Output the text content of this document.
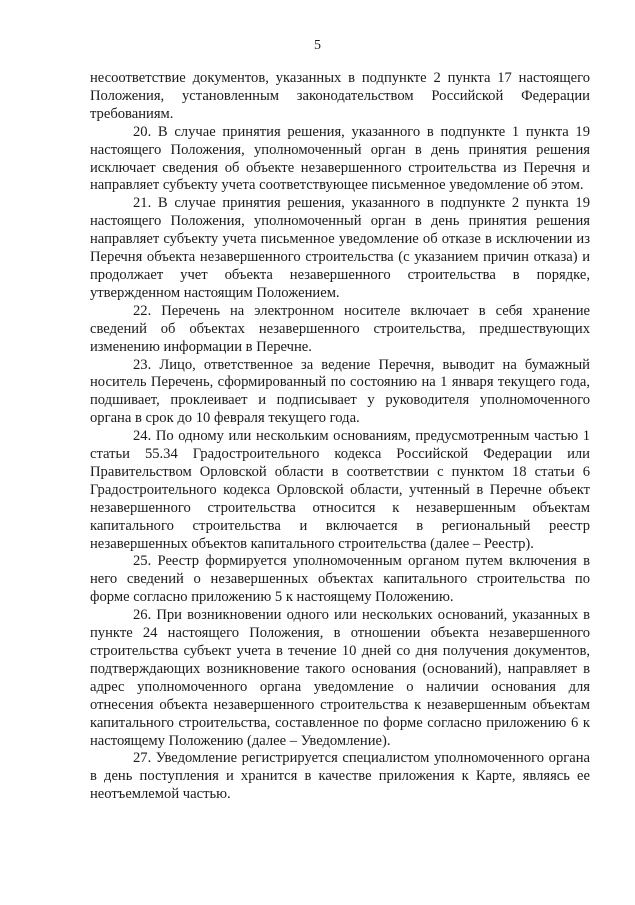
5

несоответствие документов, указанных в подпункте 2 пункта 17 настоящего Положения, установленным законодательством Российской Федерации требованиям.

20. В случае принятия решения, указанного в подпункте 1 пункта 19 настоящего Положения, уполномоченный орган в день принятия решения исключает сведения об объекте незавершенного строительства из Перечня и направляет субъекту учета соответствующее письменное уведомление об этом.

21. В случае принятия решения, указанного в подпункте 2 пункта 19 настоящего Положения, уполномоченный орган в день принятия решения направляет субъекту учета письменное уведомление об отказе в исключении из Перечня объекта незавершенного строительства (с указанием причин отказа) и продолжает учет объекта незавершенного строительства в порядке, утвержденном настоящим Положением.

22. Перечень на электронном носителе включает в себя хранение сведений об объектах незавершенного строительства, предшествующих изменению информации в Перечне.

23. Лицо, ответственное за ведение Перечня, выводит на бумажный носитель Перечень, сформированный по состоянию на 1 января текущего года, подшивает, проклеивает и подписывает у руководителя уполномоченного органа в срок до 10 февраля текущего года.

24. По одному или нескольким основаниям, предусмотренным частью 1 статьи 55.34 Градостроительного кодекса Российской Федерации или Правительством Орловской области в соответствии с пунктом 18 статьи 6 Градостроительного кодекса Орловской области, учтенный в Перечне объект незавершенного строительства относится к незавершенным объектам капитального строительства и включается в региональный реестр незавершенных объектов капитального строительства (далее – Реестр).

25. Реестр формируется уполномоченным органом путем включения в него сведений о незавершенных объектах капитального строительства по форме согласно приложению 5 к настоящему Положению.

26. При возникновении одного или нескольких оснований, указанных в пункте 24 настоящего Положения, в отношении объекта незавершенного строительства субъект учета в течение 10 дней со дня получения документов, подтверждающих возникновение такого основания (оснований), направляет в адрес уполномоченного органа уведомление о наличии основания для отнесения объекта незавершенного строительства к незавершенным объектам капитального строительства, составленное по форме согласно приложению 6 к настоящему Положению (далее – Уведомление).

27. Уведомление регистрируется специалистом уполномоченного органа в день поступления и хранится в качестве приложения к Карте, являясь ее неотъемлемой частью.
